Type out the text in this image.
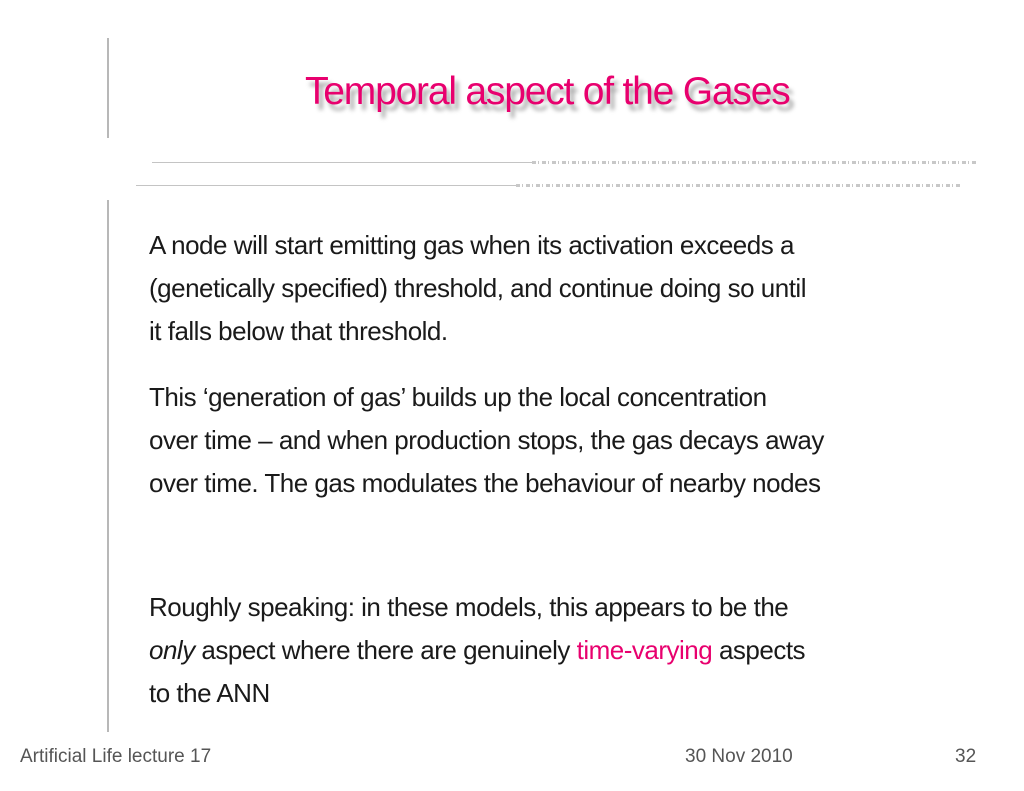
Temporal aspect of the Gases
A node will start emitting gas when its activation exceeds a
(genetically specified) threshold, and continue doing so until
it falls below that threshold.
This ‘generation of gas’ builds up the local concentration
over time – and when production stops, the gas decays away
over time. The gas modulates the behaviour of nearby nodes
Roughly speaking: in these models, this appears to be the
only aspect where there are genuinely time-varying aspects
to the ANN
Artificial Life lecture 17	30 Nov 2010	32
